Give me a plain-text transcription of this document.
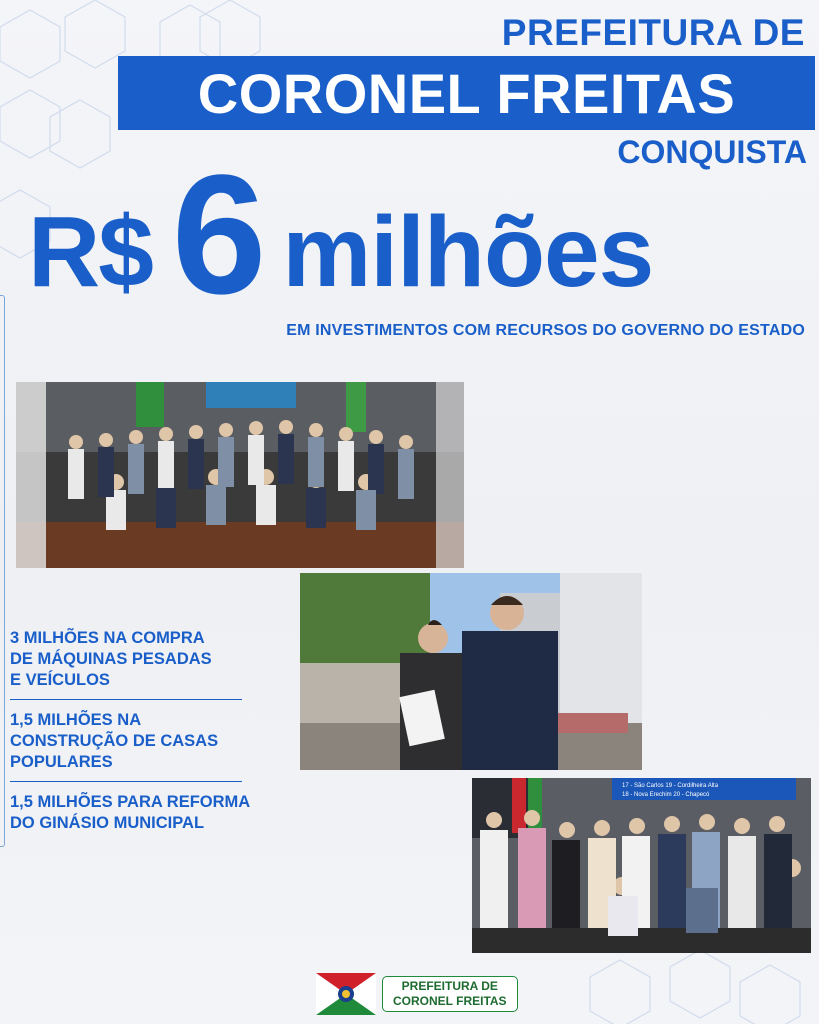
PREFEITURA DE
CORONEL FREITAS
CONQUISTA
R$ 6 milhões
EM INVESTIMENTOS COM RECURSOS DO GOVERNO DO ESTADO
17 - São Carlos 19 - Cordilheira Alta
18 - Nova Erechim 20 - Chapecó
3 MILHÕES NA COMPRA
DE MÁQUINAS PESADAS
E VEÍCULOS
1,5 MILHÕES NA
CONSTRUÇÃO DE CASAS
POPULARES
1,5 MILHÕES PARA REFORMA
DO GINÁSIO MUNICIPAL
PREFEITURA DE
CORONEL FREITAS
